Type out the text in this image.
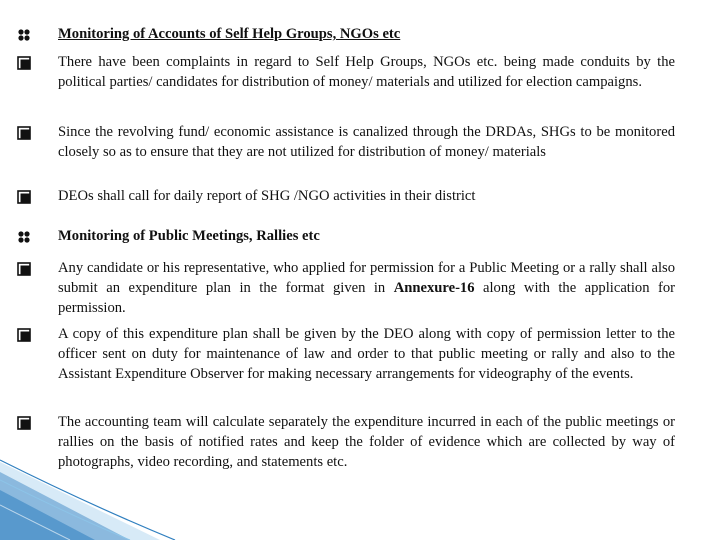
Monitoring of Accounts of Self Help Groups, NGOs etc
There have been complaints in regard to Self Help Groups, NGOs etc. being made conduits by the political parties/ candidates for distribution of money/ materials and utilized for election campaigns.
Since the revolving fund/ economic assistance is canalized through the DRDAs, SHGs to be monitored closely so as to ensure that they are not utilized for distribution of money/ materials
DEOs shall call for daily report of SHG /NGO activities in their district
Monitoring of Public Meetings, Rallies etc
Any candidate or his representative, who applied for permission for a Public Meeting or a rally shall also submit an expenditure plan in the format given in Annexure-16 along with the application for permission.
A copy of this expenditure plan shall be given by the DEO along with copy of permission letter to the officer sent on duty for maintenance of law and order to that public meeting or rally and also to the Assistant Expenditure Observer for making necessary arrangements for videography of the events.
The accounting team will calculate separately the expenditure incurred in each of the public meetings or rallies on the basis of notified rates and keep the folder of evidence which are collected by way of photographs, video recording, and statements etc.
